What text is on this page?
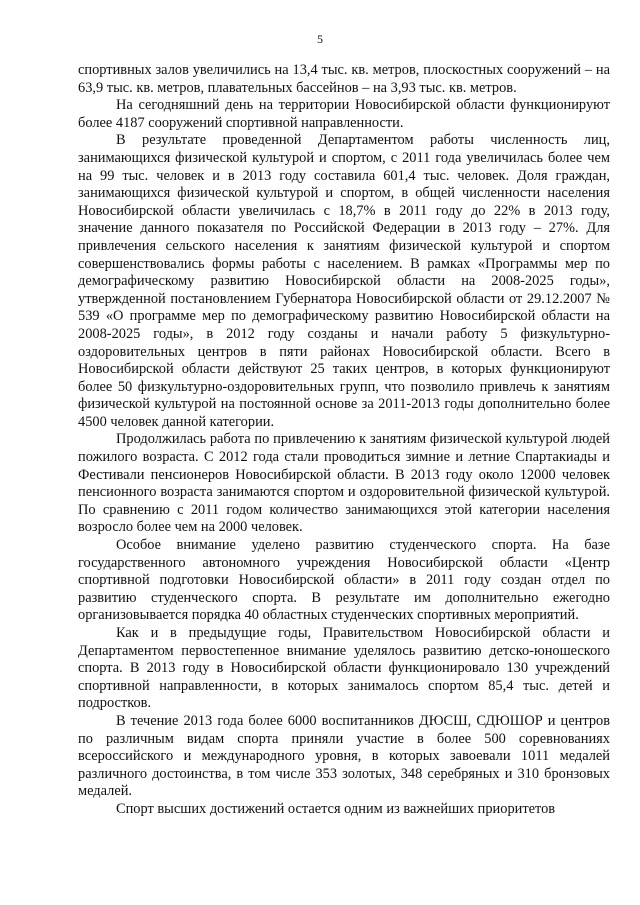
5

спортивных залов увеличились на 13,4 тыс. кв. метров, плоскостных сооружений – на 63,9 тыс. кв. метров, плавательных бассейнов – на 3,93 тыс. кв. метров.

На сегодняшний день на территории Новосибирской области функционируют более 4187 сооружений спортивной направленности.

В результате проведенной Департаментом работы численность лиц, занимающихся физической культурой и спортом, с 2011 года увеличилась более чем на 99 тыс. человек и в 2013 году составила 601,4 тыс. человек. Доля граждан, занимающихся физической культурой и спортом, в общей численности населения Новосибирской области увеличилась с 18,7% в 2011 году до 22% в 2013 году, значение данного показателя по Российской Федерации в 2013 году – 27%. Для привлечения сельского населения к занятиям физической культурой и спортом совершенствовались формы работы с населением. В рамках «Программы мер по демографическому развитию Новосибирской области на 2008-2025 годы», утвержденной постановлением Губернатора Новосибирской области от 29.12.2007 № 539 «О программе мер по демографическому развитию Новосибирской области на 2008-2025 годы», в 2012 году созданы и начали работу 5 физкультурно-оздоровительных центров в пяти районах Новосибирской области. Всего в Новосибирской области действуют 25 таких центров, в которых функционируют более 50 физкультурно-оздоровительных групп, что позволило привлечь к занятиям физической культурой на постоянной основе за 2011-2013 годы дополнительно более 4500 человек данной категории.

Продолжилась работа по привлечению к занятиям физической культурой людей пожилого возраста. С 2012 года стали проводиться зимние и летние Спартакиады и Фестивали пенсионеров Новосибирской области. В 2013 году около 12000 человек пенсионного возраста занимаются спортом и оздоровительной физической культурой. По сравнению с 2011 годом количество занимающихся этой категории населения возросло более чем на 2000 человек.

Особое внимание уделено развитию студенческого спорта. На базе государственного автономного учреждения Новосибирской области «Центр спортивной подготовки Новосибирской области» в 2011 году создан отдел по развитию студенческого спорта. В результате им дополнительно ежегодно организовывается порядка 40 областных студенческих спортивных мероприятий.

Как и в предыдущие годы, Правительством Новосибирской области и Департаментом первостепенное внимание уделялось развитию детско-юношеского спорта. В 2013 году в Новосибирской области функционировало 130 учреждений спортивной направленности, в которых занималось спортом 85,4 тыс. детей и подростков.

В течение 2013 года более 6000 воспитанников ДЮСШ, СДЮШОР и центров по различным видам спорта приняли участие в более 500 соревнованиях всероссийского и международного уровня, в которых завоевали 1011 медалей различного достоинства, в том числе 353 золотых, 348 серебряных и 310 бронзовых медалей.

Спорт высших достижений остается одним из важнейших приоритетов
